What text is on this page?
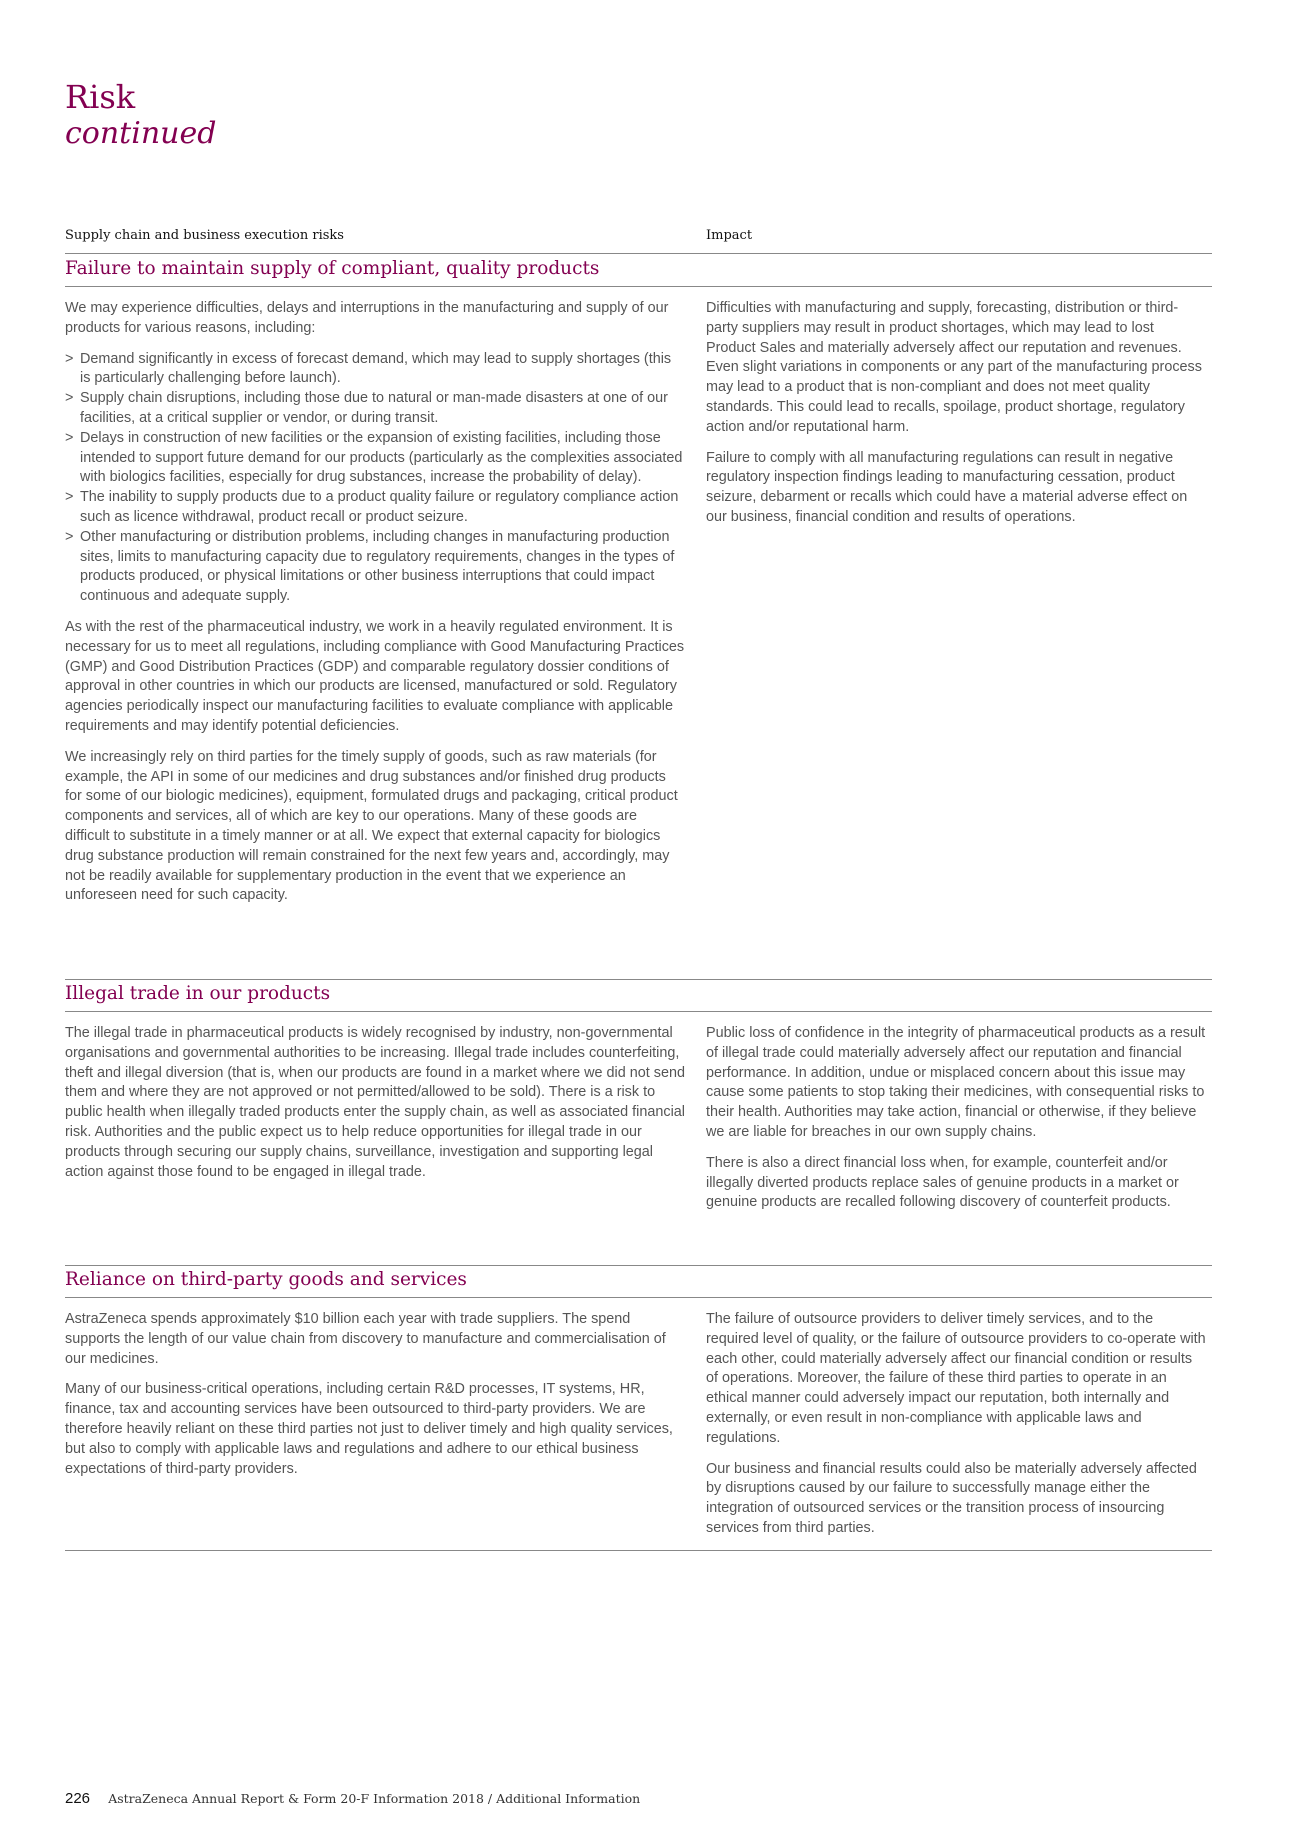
Risk
continued
Supply chain and business execution risks	Impact
Failure to maintain supply of compliant, quality products

We may experience difficulties, delays and interruptions in the manufacturing and supply of our products for various reasons, including:

> Demand significantly in excess of forecast demand, which may lead to supply shortages (this is particularly challenging before launch).
> Supply chain disruptions, including those due to natural or man-made disasters at one of our facilities, at a critical supplier or vendor, or during transit.
> Delays in construction of new facilities or the expansion of existing facilities, including those intended to support future demand for our products (particularly as the complexities associated with biologics facilities, especially for drug substances, increase the probability of delay).
> The inability to supply products due to a product quality failure or regulatory compliance action such as licence withdrawal, product recall or product seizure.
> Other manufacturing or distribution problems, including changes in manufacturing production sites, limits to manufacturing capacity due to regulatory requirements, changes in the types of products produced, or physical limitations or other business interruptions that could impact continuous and adequate supply.

As with the rest of the pharmaceutical industry, we work in a heavily regulated environment. It is necessary for us to meet all regulations, including compliance with Good Manufacturing Practices (GMP) and Good Distribution Practices (GDP) and comparable regulatory dossier conditions of approval in other countries in which our products are licensed, manufactured or sold. Regulatory agencies periodically inspect our manufacturing facilities to evaluate compliance with applicable requirements and may identify potential deficiencies.

We increasingly rely on third parties for the timely supply of goods, such as raw materials (for example, the API in some of our medicines and drug substances and/or finished drug products for some of our biologic medicines), equipment, formulated drugs and packaging, critical product components and services, all of which are key to our operations. Many of these goods are difficult to substitute in a timely manner or at all. We expect that external capacity for biologics drug substance production will remain constrained for the next few years and, accordingly, may not be readily available for supplementary production in the event that we experience an unforeseen need for such capacity.

Difficulties with manufacturing and supply, forecasting, distribution or third-party suppliers may result in product shortages, which may lead to lost Product Sales and materially adversely affect our reputation and revenues. Even slight variations in components or any part of the manufacturing process may lead to a product that is non-compliant and does not meet quality standards. This could lead to recalls, spoilage, product shortage, regulatory action and/or reputational harm.

Failure to comply with all manufacturing regulations can result in negative regulatory inspection findings leading to manufacturing cessation, product seizure, debarment or recalls which could have a material adverse effect on our business, financial condition and results of operations.

Illegal trade in our products

The illegal trade in pharmaceutical products is widely recognised by industry, non-governmental organisations and governmental authorities to be increasing. Illegal trade includes counterfeiting, theft and illegal diversion (that is, when our products are found in a market where we did not send them and where they are not approved or not permitted/allowed to be sold). There is a risk to public health when illegally traded products enter the supply chain, as well as associated financial risk. Authorities and the public expect us to help reduce opportunities for illegal trade in our products through securing our supply chains, surveillance, investigation and supporting legal action against those found to be engaged in illegal trade.

Public loss of confidence in the integrity of pharmaceutical products as a result of illegal trade could materially adversely affect our reputation and financial performance. In addition, undue or misplaced concern about this issue may cause some patients to stop taking their medicines, with consequential risks to their health. Authorities may take action, financial or otherwise, if they believe we are liable for breaches in our own supply chains.

There is also a direct financial loss when, for example, counterfeit and/or illegally diverted products replace sales of genuine products in a market or genuine products are recalled following discovery of counterfeit products.

Reliance on third-party goods and services

AstraZeneca spends approximately $10 billion each year with trade suppliers. The spend supports the length of our value chain from discovery to manufacture and commercialisation of our medicines.

Many of our business-critical operations, including certain R&D processes, IT systems, HR, finance, tax and accounting services have been outsourced to third-party providers. We are therefore heavily reliant on these third parties not just to deliver timely and high quality services, but also to comply with applicable laws and regulations and adhere to our ethical business expectations of third-party providers.

The failure of outsource providers to deliver timely services, and to the required level of quality, or the failure of outsource providers to co-operate with each other, could materially adversely affect our financial condition or results of operations. Moreover, the failure of these third parties to operate in an ethical manner could adversely impact our reputation, both internally and externally, or even result in non-compliance with applicable laws and regulations.

Our business and financial results could also be materially adversely affected by disruptions caused by our failure to successfully manage either the integration of outsourced services or the transition process of insourcing services from third parties.

226 AstraZeneca Annual Report & Form 20-F Information 2018 / Additional Information
